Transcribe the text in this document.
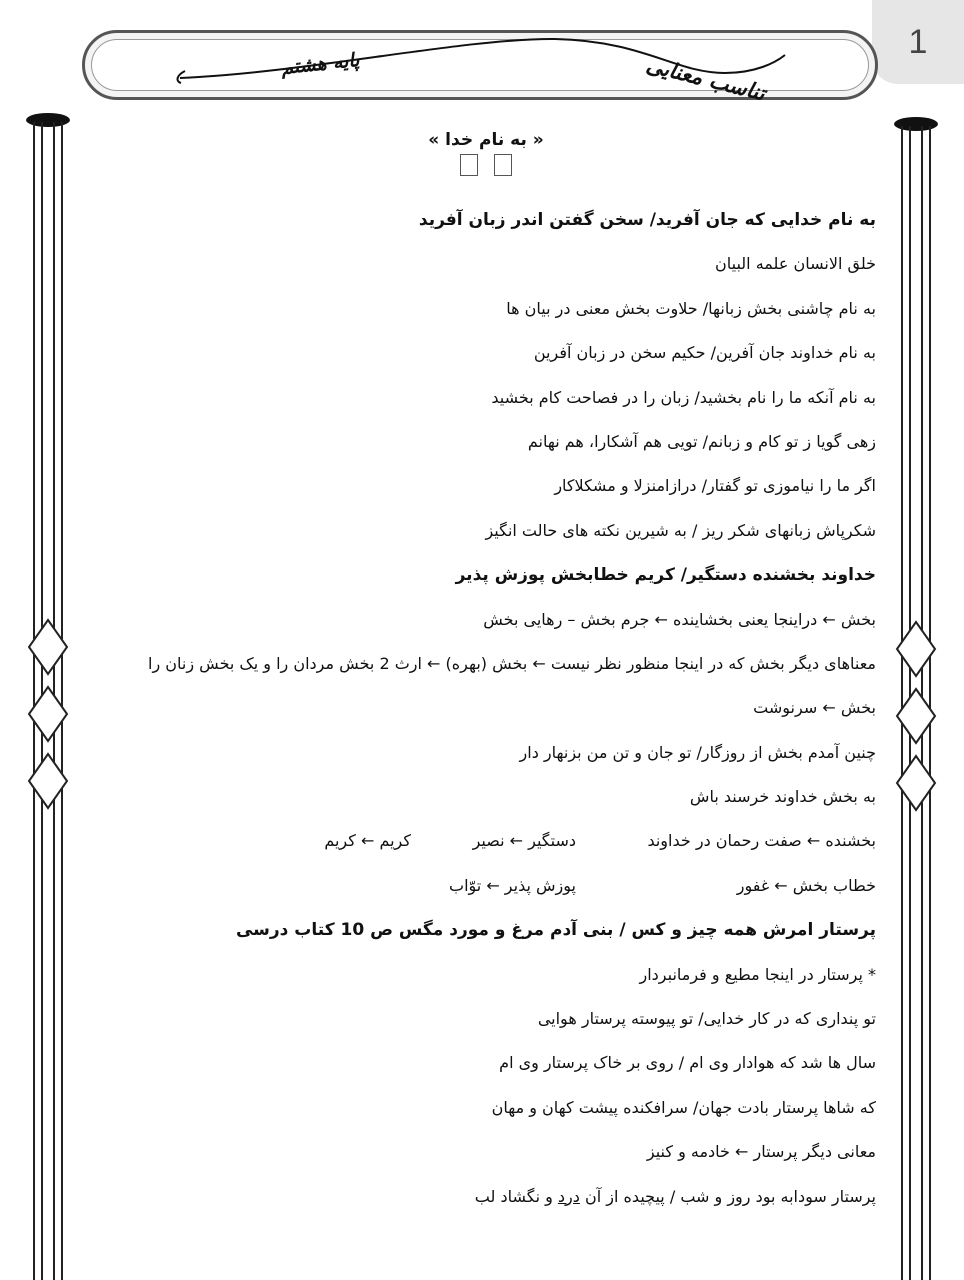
1
تناسب معنایی
پایه هشتم
« به نام خدا »
به نام خدایی که جان آفرید/ سخن گفتن اندر زبان آفرید
خلق الانسان علمه البیان
به نام چاشنی بخش زبانها/ حلاوت بخش معنی در بیان ها
به نام خداوند جان آفرین/ حکیم سخن در زبان آفرین
به نام آنکه ما را نام بخشید/ زبان را در فصاحت کام بخشید
زهی گویا ز تو کام و زبانم/ تویی هم آشکارا، هم نهانم
اگر ما را نیاموزی تو گفتار/ درازامنزلا و مشکلاکار
شکرپاش زبانهای شکر ریز / به شیرین نکته های حالت انگیز
خداوند بخشنده دستگیر/ کریم خطابخش پوزش پذیر
بخش ← دراینجا یعنی بخشاینده ← جرم بخش – رهایی بخش
معناهای دیگر بخش که در اینجا منظور نظر نیست ← بخش (بهره) ← ارث 2 بخش مردان را و یک بخش زنان را
بخش ← سرنوشت
چنین آمدم بخش از روزگار/ تو جان و تن من بزنهار دار
به بخش خداوند خرسند باش
بخشنده ← صفت رحمان در خداوند
دستگیر ← نصیر
کریم ← کریم
خطاب بخش ← غفور
پوزش پذیر ← توّاب
پرستار امرش همه چیز و کس / بنی آدم مرغ و مورد مگس ص 10 کتاب درسی
* پرستار در اینجا مطیع و فرمانبردار
تو پنداری که در کار خدایی/ تو پیوسته پرستار هوایی
سال ها شد که هوادار وی ام / روی بر خاک پرستار وی ام
که شاها پرستار بادت جهان/ سرافکنده پیشت کهان و مهان
معانی دیگر پرستار ← خادمه و کنیز
پرستار سودابه بود روز و شب / پیچیده از آن درد و نگشاد لب
